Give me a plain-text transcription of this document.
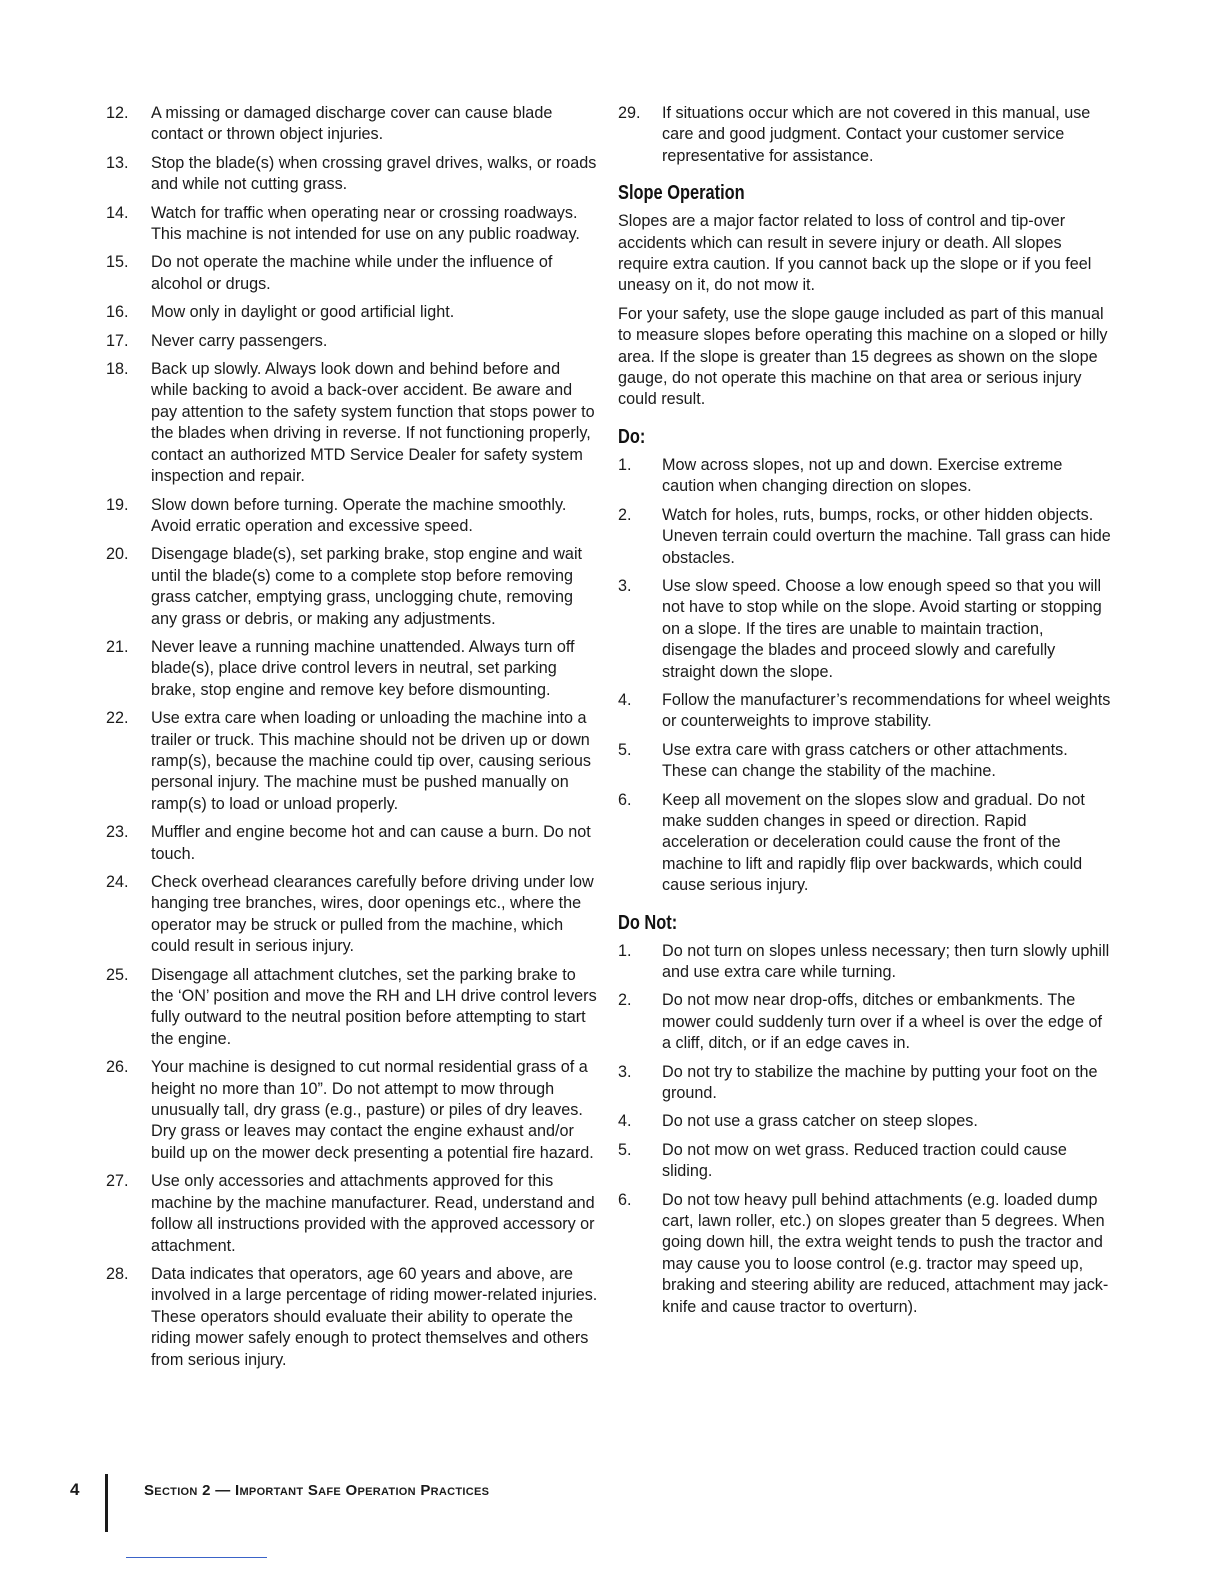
12.	A missing or damaged discharge cover can cause blade contact or thrown object injuries.
13.	Stop the blade(s) when crossing gravel drives, walks, or roads and while not cutting grass.
14.	Watch for traffic when operating near or crossing roadways. This machine is not intended for use on any public roadway.
15.	Do not operate the machine while under the influence of alcohol or drugs.
16.	Mow only in daylight or good artificial light.
17.	Never carry passengers.
18.	Back up slowly. Always look down and behind before and while backing to avoid a back-over accident. Be aware and pay attention to the safety system function that stops power to the blades when driving in reverse. If not functioning properly, contact an authorized MTD Service Dealer for safety system inspection and repair.
19.	Slow down before turning. Operate the machine smoothly. Avoid erratic operation and excessive speed.
20.	Disengage blade(s), set parking brake, stop engine and wait until the blade(s) come to a complete stop before removing grass catcher, emptying grass, unclogging chute, removing any grass or debris, or making any adjustments.
21.	Never leave a running machine unattended. Always turn off blade(s), place drive control levers in neutral, set parking brake, stop engine and remove key before dismounting.
22.	Use extra care when loading or unloading the machine into a trailer or truck. This machine should not be driven up or down ramp(s), because the machine could tip over, causing serious personal injury. The machine must be pushed manually on ramp(s) to load or unload properly.
23.	Muffler and engine become hot and can cause a burn. Do not touch.
24.	Check overhead clearances carefully before driving under low hanging tree branches, wires, door openings etc., where the operator may be struck or pulled from the machine, which could result in serious injury.
25.	Disengage all attachment clutches, set the parking brake to the ‘ON’ position and move the RH and LH drive control levers fully outward to the neutral position before attempting to start the engine.
26.	Your machine is designed to cut normal residential grass of a height no more than 10”. Do not attempt to mow through unusually tall, dry grass (e.g., pasture) or piles of dry leaves. Dry grass or leaves may contact the engine exhaust and/or build up on the mower deck presenting a potential fire hazard.
27.	Use only accessories and attachments approved for this machine by the machine manufacturer. Read, understand and follow all instructions provided with the approved accessory or attachment.
28.	Data indicates that operators, age 60 years and above, are involved in a large percentage of riding mower-related injuries. These operators should evaluate their ability to operate the riding mower safely enough to protect themselves and others from serious injury.
29.	If situations occur which are not covered in this manual, use care and good judgment. Contact your customer service representative for assistance.
Slope Operation

Slopes are a major factor related to loss of control and tip-over accidents which can result in severe injury or death. All slopes require extra caution. If you cannot back up the slope or if you feel uneasy on it, do not mow it.

For your safety, use the slope gauge included as part of this manual to measure slopes before operating this machine on a sloped or hilly area. If the slope is greater than 15 degrees as shown on the slope gauge, do not operate this machine on that area or serious injury could result.

Do:
1.	Mow across slopes, not up and down. Exercise extreme caution when changing direction on slopes.
2.	Watch for holes, ruts, bumps, rocks, or other hidden objects. Uneven terrain could overturn the machine. Tall grass can hide obstacles.
3.	Use slow speed. Choose a low enough speed so that you will not have to stop while on the slope. Avoid starting or stopping on a slope. If the tires are unable to maintain traction, disengage the blades and proceed slowly and carefully straight down the slope.
4.	Follow the manufacturer’s recommendations for wheel weights or counterweights to improve stability.
5.	Use extra care with grass catchers or other attachments. These can change the stability of the machine.
6.	Keep all movement on the slopes slow and gradual. Do not make sudden changes in speed or direction. Rapid acceleration or deceleration could cause the front of the machine to lift and rapidly flip over backwards, which could cause serious injury.
Do Not:
1.	Do not turn on slopes unless necessary; then turn slowly uphill and use extra care while turning.
2.	Do not mow near drop-offs, ditches or embankments. The mower could suddenly turn over if a wheel is over the edge of a cliff, ditch, or if an edge caves in.
3.	Do not try to stabilize the machine by putting your foot on the ground.
4.	Do not use a grass catcher on steep slopes.
5.	Do not mow on wet grass. Reduced traction could cause sliding.
6.	Do not tow heavy pull behind attachments (e.g. loaded dump cart, lawn roller, etc.) on slopes greater than 5 degrees. When going down hill, the extra weight tends to push the tractor and may cause you to loose control (e.g. tractor may speed up, braking and steering ability are reduced, attachment may jack-knife and cause tractor to overturn).
4	Section 2 — Important Safe Operation Practices
